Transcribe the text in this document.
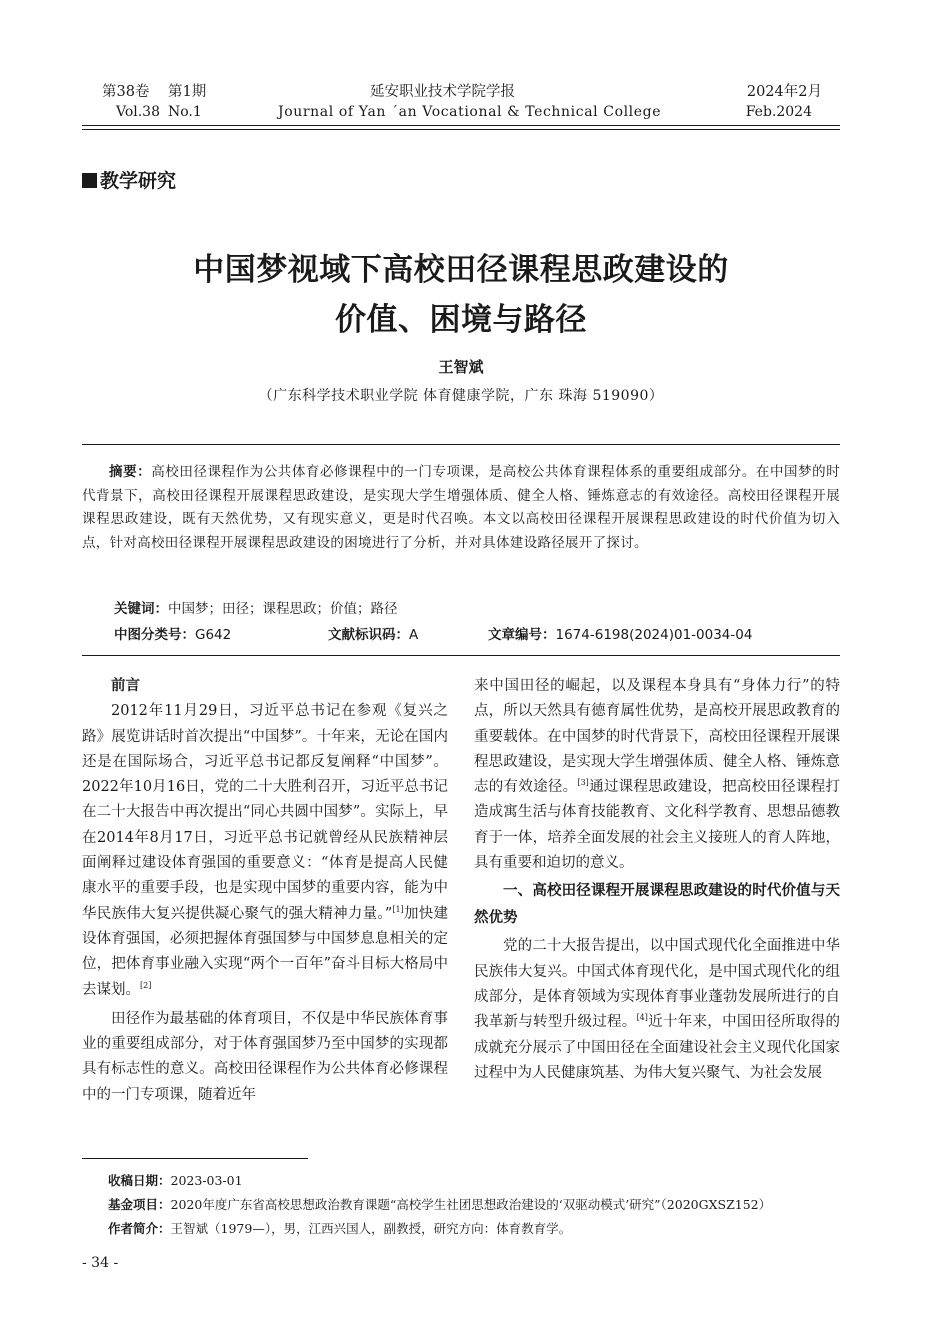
第38卷	第1期	延安职业技术学院学报	2024年2月
Vol.38 No.1	Journal of Yan ´an Vocational & Technical College	Feb.2024
教学研究
中国梦视域下高校田径课程思政建设的
价值、困境与路径
王智斌
（广东科学技术职业学院 体育健康学院，广东 珠海 519090）

摘要：高校田径课程作为公共体育必修课程中的一门专项课，是高校公共体育课程体系的重要组成部分。在中国梦的时代背景下，高校田径课程开展课程思政建设，是实现大学生增强体质、健全人格、锤炼意志的有效途径。高校田径课程开展课程思政建设，既有天然优势，又有现实意义，更是时代召唤。本文以高校田径课程开展课程思政建设的时代价值为切入点，针对高校田径课程开展课程思政建设的困境进行了分析，并对具体建设路径展开了探讨。

关键词：中国梦；田径；课程思政；价值；路径
中图分类号：G642	文献标识码：A	文章编号：1674-6198(2024)01-0034-04

前言

2012年11月29日，习近平总书记在参观《复兴之路》展览讲话时首次提出“中国梦”。十年来，无论在国内还是在国际场合，习近平总书记都反复阐释“中国梦”。2022年10月16日，党的二十大胜利召开，习近平总书记在二十大报告中再次提出“同心共圆中国梦”。实际上，早在2014年8月17日，习近平总书记就曾经从民族精神层面阐释过建设体育强国的重要意义：“体育是提高人民健康水平的重要手段，也是实现中国梦的重要内容，能为中华民族伟大复兴提供凝心聚气的强大精神力量。”[1]加快建设体育强国，必须把握体育强国梦与中国梦息息相关的定位，把体育事业融入实现“两个一百年”奋斗目标大格局中去谋划。[2]

田径作为最基础的体育项目，不仅是中华民族体育事业的重要组成部分，对于体育强国梦乃至中国梦的实现都具有标志性的意义。高校田径课程作为公共体育必修课程中的一门专项课，随着近年

来中国田径的崛起，以及课程本身具有“身体力行”的特点，所以天然具有德育属性优势，是高校开展思政教育的重要载体。在中国梦的时代背景下，高校田径课程开展课程思政建设，是实现大学生增强体质、健全人格、锤炼意志的有效途径。[3]通过课程思政建设，把高校田径课程打造成寓生活与体育技能教育、文化科学教育、思想品德教育于一体，培养全面发展的社会主义接班人的育人阵地，具有重要和迫切的意义。

一、高校田径课程开展课程思政建设的时代价值与天然优势

党的二十大报告提出，以中国式现代化全面推进中华民族伟大复兴。中国式体育现代化，是中国式现代化的组成部分，是体育领域为实现体育事业蓬勃发展所进行的自我革新与转型升级过程。[4]近十年来，中国田径所取得的成就充分展示了中国田径在全面建设社会主义现代化国家过程中为人民健康筑基、为伟大复兴聚气、为社会发展

收稿日期：2023-03-01
基金项目：2020年度广东省高校思想政治教育课题“高校学生社团思想政治建设的‘双驱动模式’研究”（2020GXSZ152）
作者简介：王智斌（1979—），男，江西兴国人，副教授，研究方向：体育教育学。
- 34 -
